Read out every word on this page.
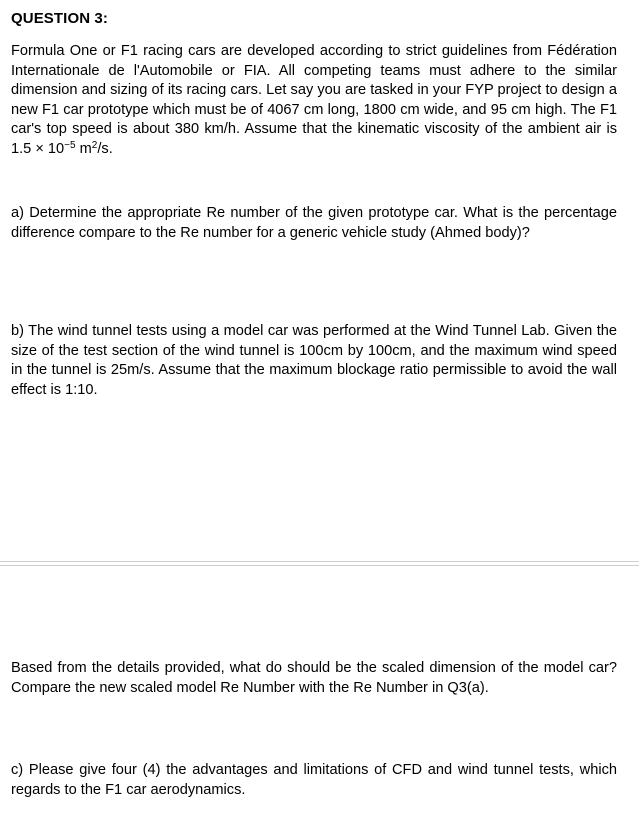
QUESTION 3:
Formula One or F1 racing cars are developed according to strict guidelines from Fédération Internationale de l'Automobile or FIA. All competing teams must adhere to the similar dimension and sizing of its racing cars. Let say you are tasked in your FYP project to design a new F1 car prototype which must be of 4067 cm long, 1800 cm wide, and 95 cm high. The F1 car's top speed is about 380 km/h. Assume that the kinematic viscosity of the ambient air is $1.5 \times 10^{-5}$ $m^2/s$.
a) Determine the appropriate Re number of the given prototype car. What is the percentage difference compare to the Re number for a generic vehicle study (Ahmed body)?
b) The wind tunnel tests using a model car was performed at the Wind Tunnel Lab. Given the size of the test section of the wind tunnel is 100cm by 100cm, and the maximum wind speed in the tunnel is 25m/s. Assume that the maximum blockage ratio permissible to avoid the wall effect is 1:10.
Based from the details provided, what do should be the scaled dimension of the model car? Compare the new scaled model Re Number with the Re Number in Q3(a).
c) Please give four (4) the advantages and limitations of CFD and wind tunnel tests, which regards to the F1 car aerodynamics.
